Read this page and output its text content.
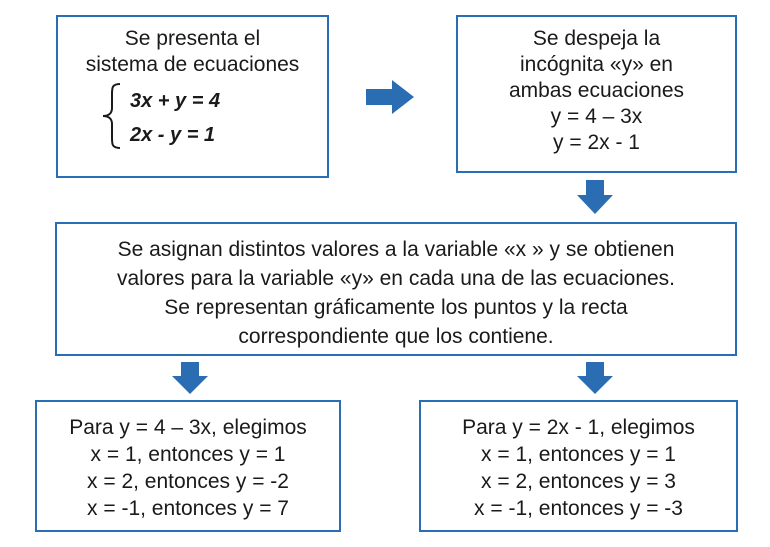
Se presenta el
sistema de ecuaciones
3x + y = 4
2x - y = 1
Se despeja la
incógnita «y» en
ambas ecuaciones
y = 4 – 3x
y = 2x - 1
Se asignan distintos valores a la variable «x » y se obtienen
valores para la variable «y» en cada una de las ecuaciones.
Se representan gráficamente los puntos y la recta
correspondiente que los contiene.
Para y = 4 – 3x, elegimos
x = 1, entonces y = 1
x = 2, entonces y = -2
x = -1, entonces y = 7
Para y = 2x - 1, elegimos
x = 1, entonces y = 1
x = 2, entonces y = 3
x = -1, entonces y = -3
